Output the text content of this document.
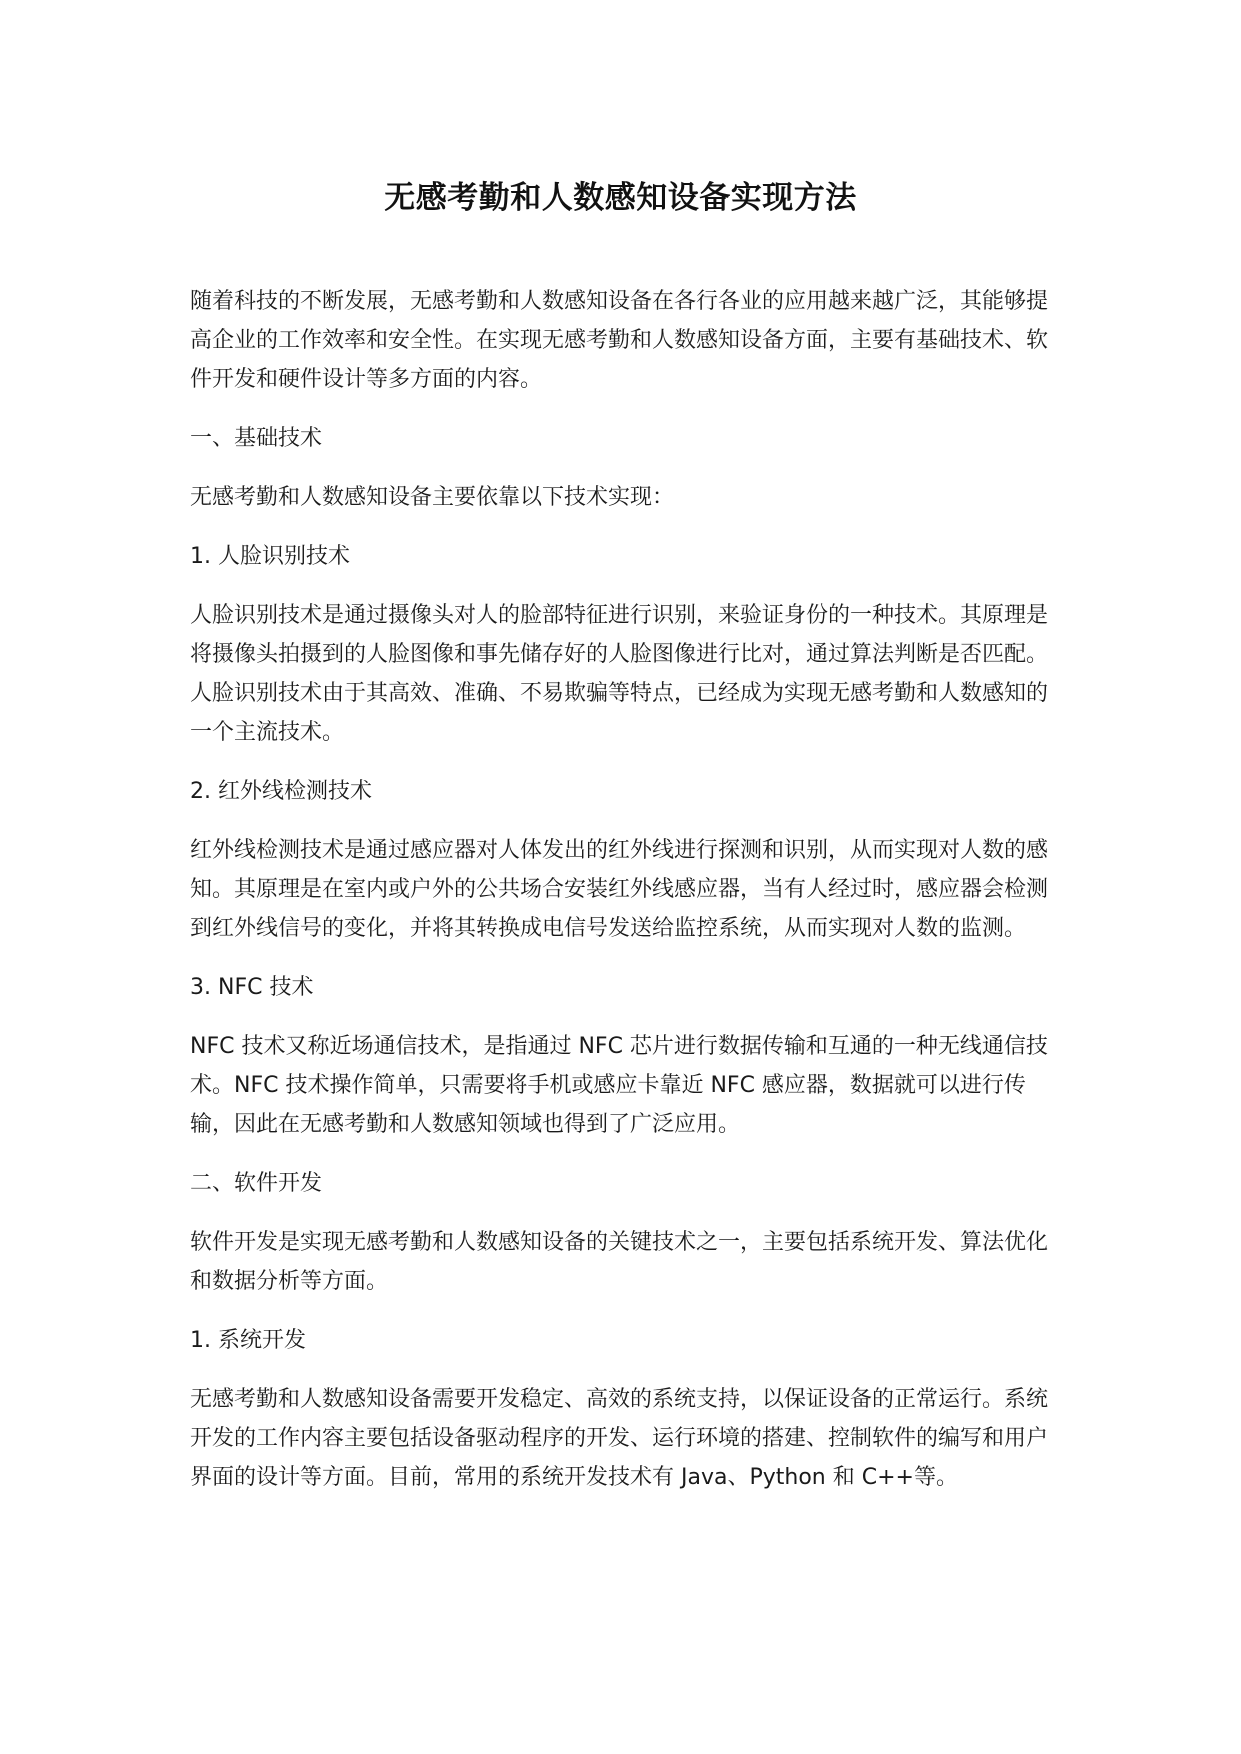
无感考勤和人数感知设备实现方法

随着科技的不断发展，无感考勤和人数感知设备在各行各业的应用越来越广泛，其能够提高企业的工作效率和安全性。在实现无感考勤和人数感知设备方面，主要有基础技术、软件开发和硬件设计等多方面的内容。

一、基础技术

无感考勤和人数感知设备主要依靠以下技术实现：

1. 人脸识别技术

人脸识别技术是通过摄像头对人的脸部特征进行识别，来验证身份的一种技术。其原理是将摄像头拍摄到的人脸图像和事先储存好的人脸图像进行比对，通过算法判断是否匹配。人脸识别技术由于其高效、准确、不易欺骗等特点，已经成为实现无感考勤和人数感知的一个主流技术。

2. 红外线检测技术

红外线检测技术是通过感应器对人体发出的红外线进行探测和识别，从而实现对人数的感知。其原理是在室内或户外的公共场合安装红外线感应器，当有人经过时，感应器会检测到红外线信号的变化，并将其转换成电信号发送给监控系统，从而实现对人数的监测。

3. NFC 技术

NFC 技术又称近场通信技术，是指通过 NFC 芯片进行数据传输和互通的一种无线通信技术。NFC 技术操作简单，只需要将手机或感应卡靠近 NFC 感应器，数据就可以进行传输，因此在无感考勤和人数感知领域也得到了广泛应用。

二、软件开发

软件开发是实现无感考勤和人数感知设备的关键技术之一，主要包括系统开发、算法优化和数据分析等方面。

1. 系统开发

无感考勤和人数感知设备需要开发稳定、高效的系统支持，以保证设备的正常运行。系统开发的工作内容主要包括设备驱动程序的开发、运行环境的搭建、控制软件的编写和用户界面的设计等方面。目前，常用的系统开发技术有 Java、Python 和 C++等。
